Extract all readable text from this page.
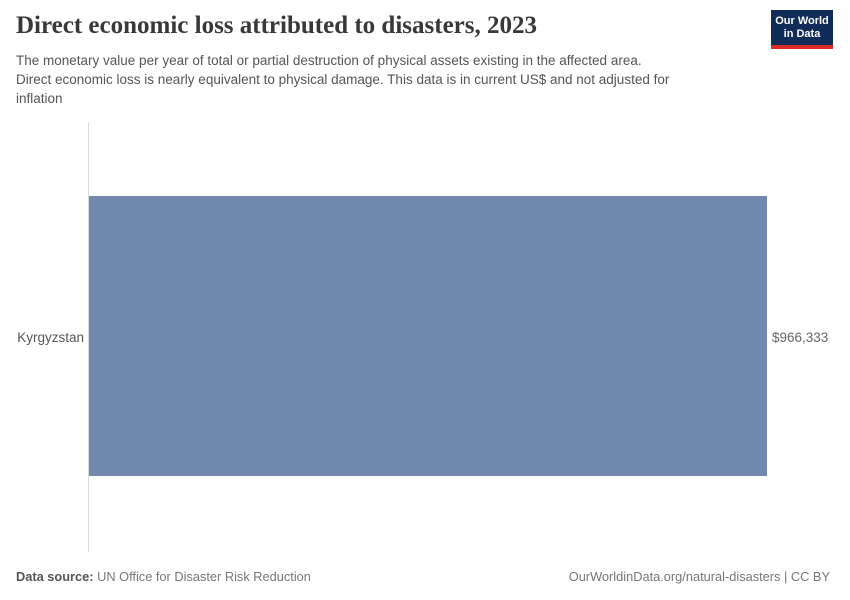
Direct economic loss attributed to disasters, 2023	Our World
in Data

The monetary value per year of total or partial destruction of physical assets existing in the affected area.
Direct economic loss is nearly equivalent to physical damage. This data is in current US$ and not adjusted for
inflation

Kyrgyzstan	$966,333
Data source: UN Office for Disaster Risk Reduction	OurWorldinData.org/natural-disasters | CC BY
